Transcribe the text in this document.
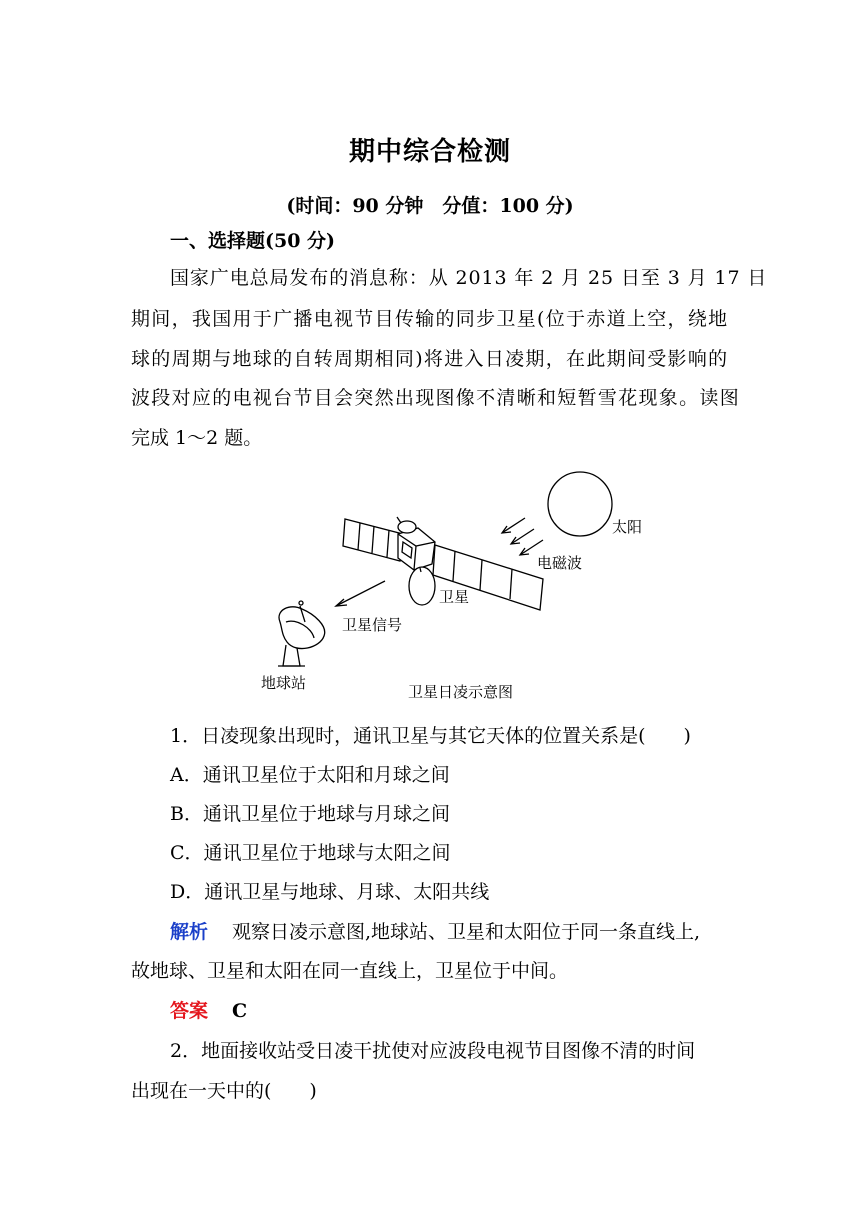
期中综合检测
(时间：90 分钟　分值：100 分)
一、选择题(50 分)
国家广电总局发布的消息称：从 2013 年 2 月 25 日至 3 月 17 日
期间，我国用于广播电视节目传输的同步卫星(位于赤道上空，绕地
球的周期与地球的自转周期相同)将进入日凌期，在此期间受影响的
波段对应的电视台节目会突然出现图像不清晰和短暂雪花现象。读图
完成 1～2 题。
太阳
电磁波
卫星
卫星信号
地球站	卫星日凌示意图
1．日凌现象出现时，通讯卫星与其它天体的位置关系是(　　)
A．通讯卫星位于太阳和月球之间
B．通讯卫星位于地球与月球之间
C．通讯卫星位于地球与太阳之间
D．通讯卫星与地球、月球、太阳共线
解析 观察日凌示意图,地球站、卫星和太阳位于同一条直线上,
故地球、卫星和太阳在同一直线上，卫星位于中间。
答案 C
2．地面接收站受日凌干扰使对应波段电视节目图像不清的时间
出现在一天中的(　　)
